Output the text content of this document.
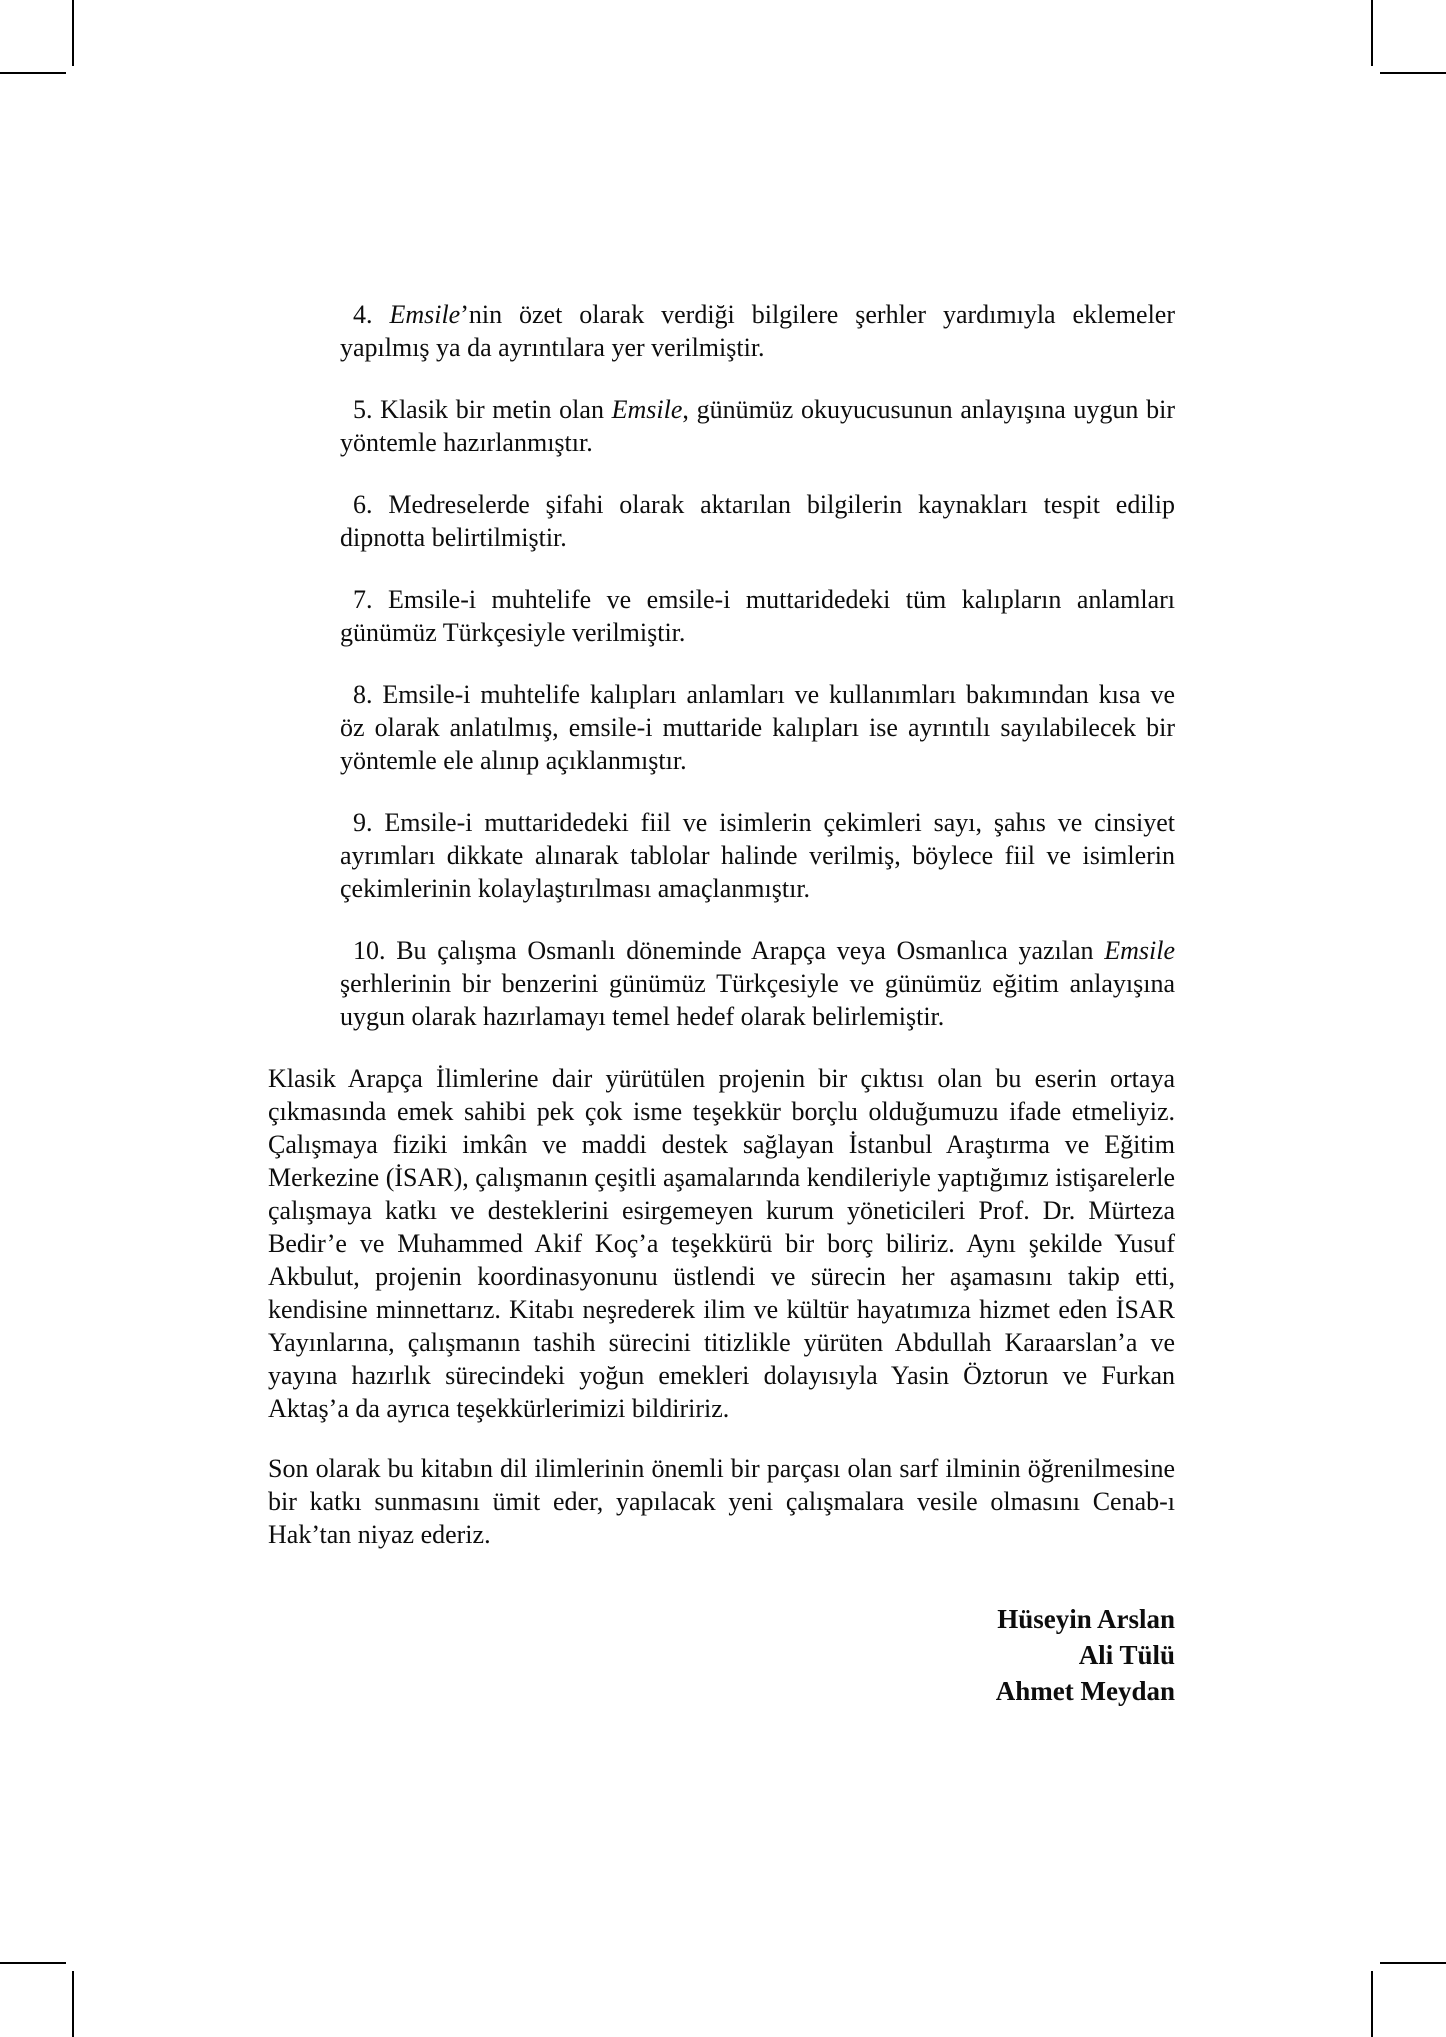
4. Emsile’nin özet olarak verdiği bilgilere şerhler yardımıyla eklemeler yapılmış ya da ayrıntılara yer verilmiştir.

5. Klasik bir metin olan Emsile, günümüz okuyucusunun anlayışına uygun bir yöntemle hazırlanmıştır.

6. Medreselerde şifahi olarak aktarılan bilgilerin kaynakları tespit edilip dipnotta belirtilmiştir.

7. Emsile-i muhtelife ve emsile-i muttaridedeki tüm kalıpların anlamları günümüz Türkçesiyle verilmiştir.

8. Emsile-i muhtelife kalıpları anlamları ve kullanımları bakımından kısa ve öz olarak anlatılmış, emsile-i muttaride kalıpları ise ayrıntılı sayılabilecek bir yöntemle ele alınıp açıklanmıştır.

9. Emsile-i muttaridedeki fiil ve isimlerin çekimleri sayı, şahıs ve cinsiyet ayrımları dikkate alınarak tablolar halinde verilmiş, böylece fiil ve isimlerin çekimlerinin kolaylaştırılması amaçlanmıştır.

10. Bu çalışma Osmanlı döneminde Arapça veya Osmanlıca yazılan Emsile şerhlerinin bir benzerini günümüz Türkçesiyle ve günümüz eğitim anlayışına uygun olarak hazırlamayı temel hedef olarak belirlemiştir.

Klasik Arapça İlimlerine dair yürütülen projenin bir çıktısı olan bu eserin ortaya çıkmasında emek sahibi pek çok isme teşekkür borçlu olduğumuzu ifade etmeliyiz. Çalışmaya fiziki imkân ve maddi destek sağlayan İstanbul Araştırma ve Eğitim Merkezine (İSAR), çalışmanın çeşitli aşamalarında kendileriyle yaptığımız istişarelerle çalışmaya katkı ve desteklerini esirgemeyen kurum yöneticileri Prof. Dr. Mürteza Bedir’e ve Muhammed Akif Koç’a teşekkürü bir borç biliriz. Aynı şekilde Yusuf Akbulut, projenin koordinasyonunu üstlendi ve sürecin her aşamasını takip etti, kendisine minnettarız. Kitabı neşrederek ilim ve kültür hayatımıza hizmet eden İSAR Yayınlarına, çalışmanın tashih sürecini titizlikle yürüten Abdullah Karaarslan’a ve yayına hazırlık sürecindeki yoğun emekleri dolayısıyla Yasin Öztorun ve Furkan Aktaş’a da ayrıca teşekkürlerimizi bildiririz.

Son olarak bu kitabın dil ilimlerinin önemli bir parçası olan sarf ilminin öğrenilmesine bir katkı sunmasını ümit eder, yapılacak yeni çalışmalara vesile olmasını Cenab-ı Hak’tan niyaz ederiz.

Hüseyin Arslan
Ali Tülü
Ahmet Meydan
